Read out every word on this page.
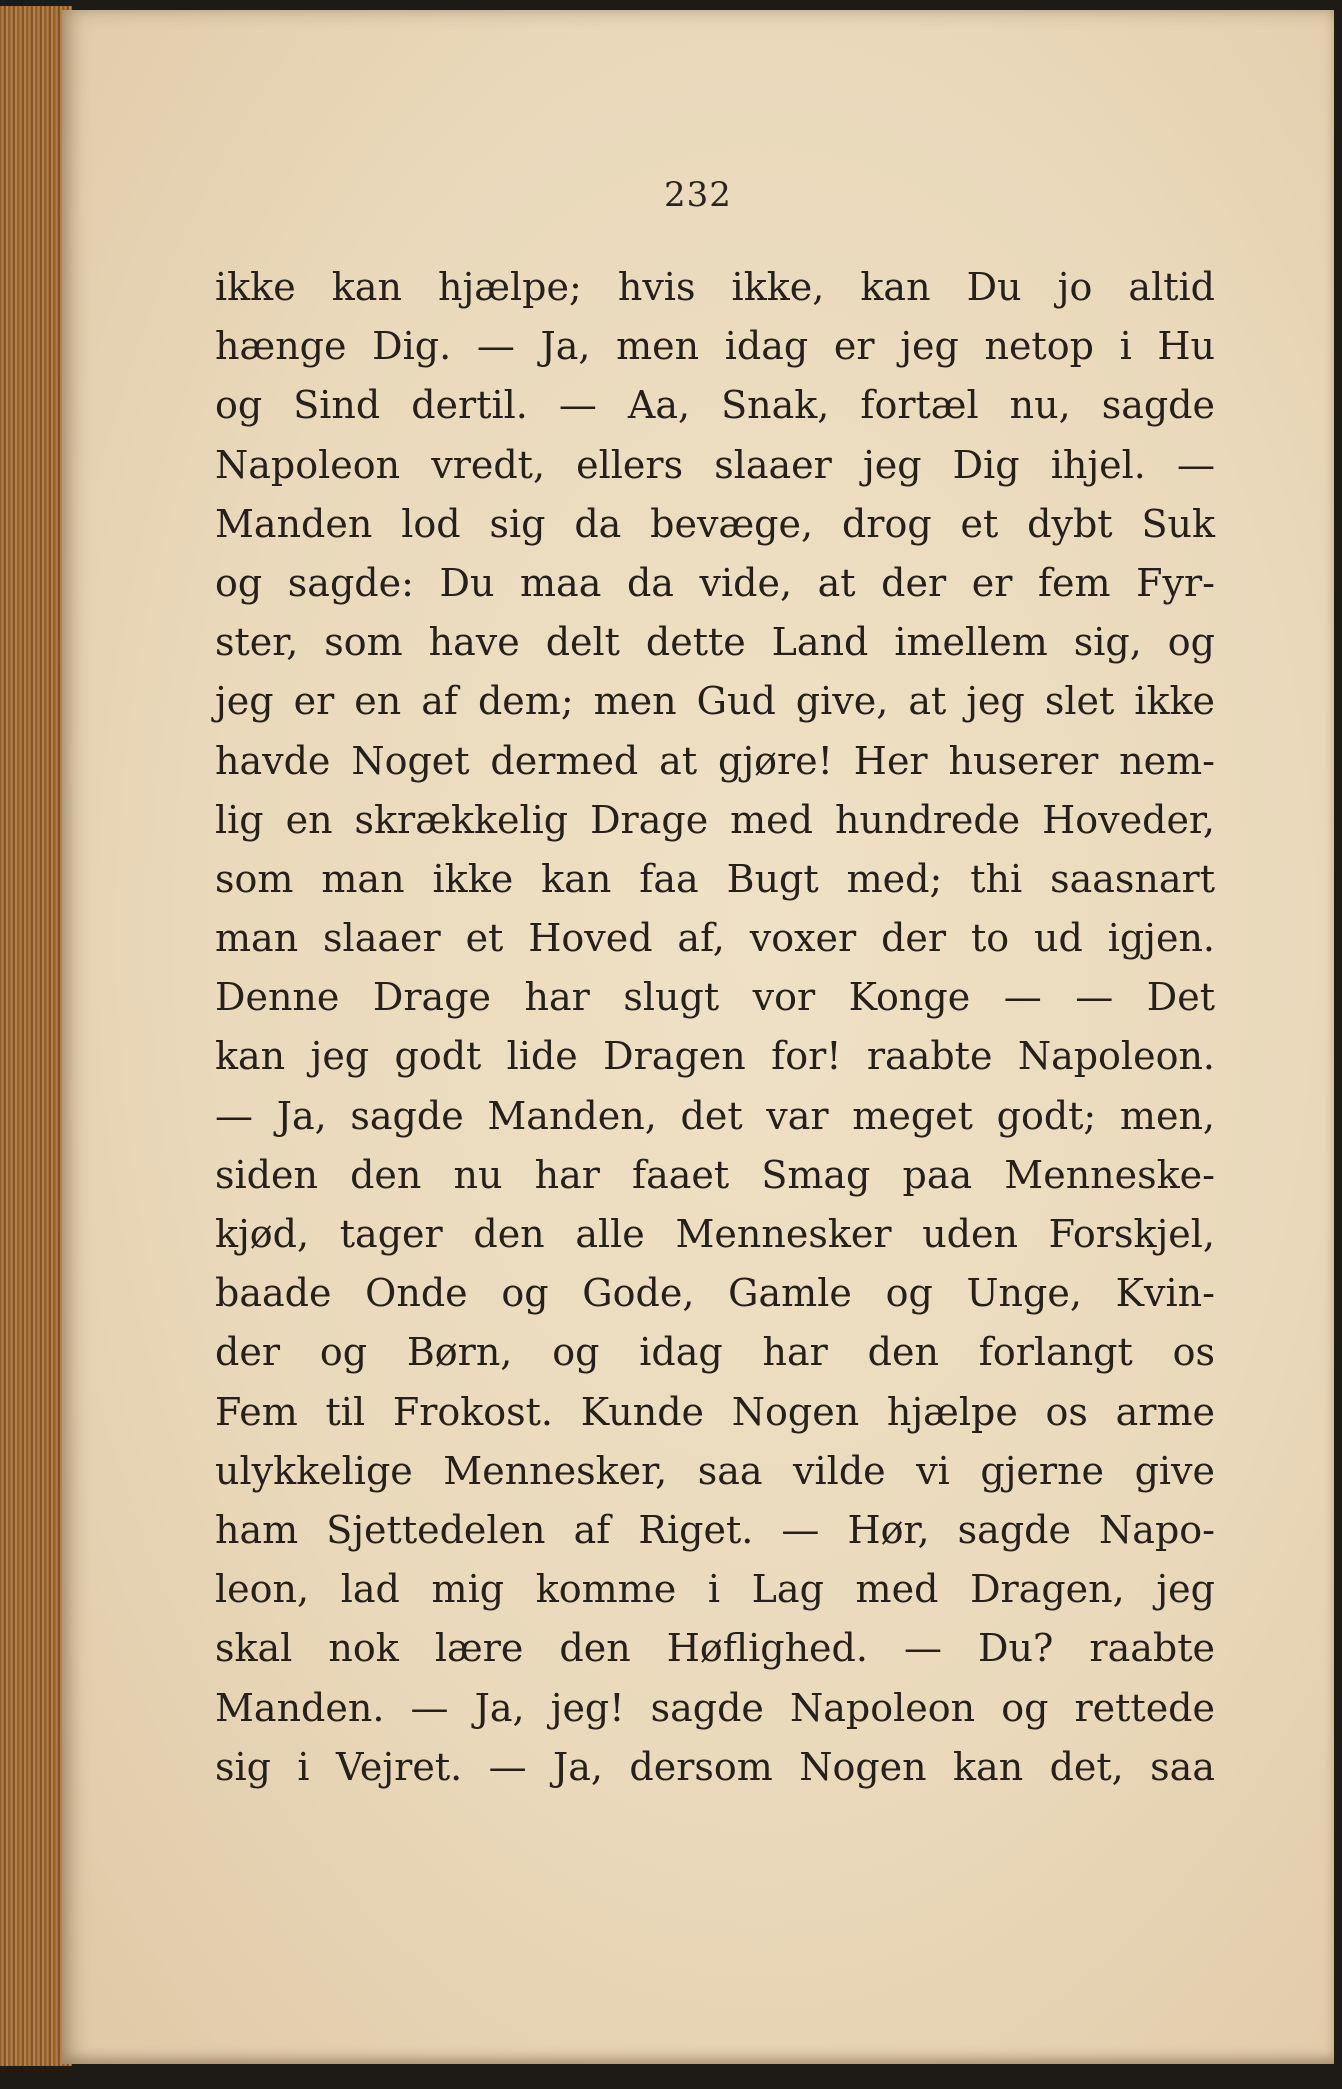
232
ikke kan hjælpe; hvis ikke, kan Du jo altid
hænge Dig. — Ja, men idag er jeg netop i Hu
og Sind dertil. — Aa, Snak, fortæl nu, sagde
Napoleon vredt, ellers slaaer jeg Dig ihjel. —
Manden lod sig da bevæge, drog et dybt Suk
og sagde: Du maa da vide, at der er fem Fyr-
ster, som have delt dette Land imellem sig, og
jeg er en af dem; men Gud give, at jeg slet ikke
havde Noget dermed at gjøre! Her huserer nem-
lig en skrækkelig Drage med hundrede Hoveder,
som man ikke kan faa Bugt med; thi saasnart
man slaaer et Hoved af, voxer der to ud igjen.
Denne Drage har slugt vor Konge — — Det
kan jeg godt lide Dragen for! raabte Napoleon.
— Ja, sagde Manden, det var meget godt; men,
siden den nu har faaet Smag paa Menneske-
kjød, tager den alle Mennesker uden Forskjel,
baade Onde og Gode, Gamle og Unge, Kvin-
der og Børn, og idag har den forlangt os
Fem til Frokost. Kunde Nogen hjælpe os arme
ulykkelige Mennesker, saa vilde vi gjerne give
ham Sjettedelen af Riget. — Hør, sagde Napo-
leon, lad mig komme i Lag med Dragen, jeg
skal nok lære den Høflighed. — Du? raabte
Manden. — Ja, jeg! sagde Napoleon og rettede
sig i Vejret. — Ja, dersom Nogen kan det, saa
